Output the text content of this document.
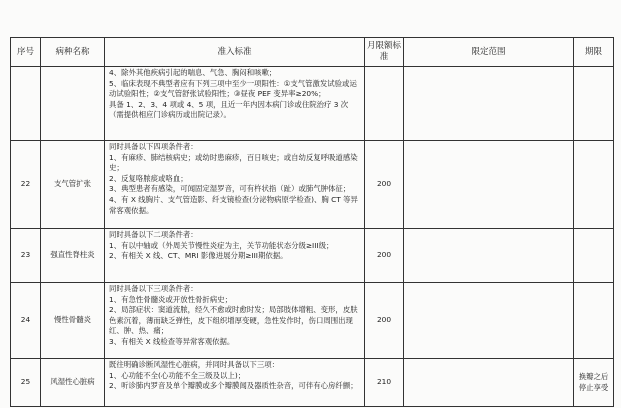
序号	病种名称	准入标准	月限额标准	限定范围	期限

		4、除外其他疾病引起的喘息、气急、胸闷和咳嗽；
5、临床表现不典型者应有下列三项中至少一项阳性：①支气管激发试验或运动试验阳性；②支气管舒张试验阳性；③昼夜 PEF 变异率≥20%；
具备 1、2、3、4 项或 4、5 项，且近一年内因本病门诊或住院治疗 3 次（需提供相应门诊病历或出院记录）。			

22	支气管扩张	同时具备以下四项条件者：
1、有麻疹、肺结核病史；或幼时患麻疹，百日咳史；或自幼反复呼吸道感染史；
2、反复咯脓痰或咯血；
3、典型患者有感染，可闻固定湿罗音，可有杵状指（趾）或肺气肿体征；
4、有 X 线胸片、支气管造影、纤支镜检查(分泌物病原学检查)、胸 CT 等异常客观依据。	200		
23	强直性脊柱炎	同时具备以下二项条件者：
1、有以中轴或（外周关节慢性炎症为主，关节功能状态分级≥III级；
2、有相关 X 线、CT、MRI 影像进展分期≥III期依据。	200		
24	慢性骨髓炎	同时具备以下三项条件者：
1、有急性骨髓炎或开放性骨折病史；
2、局部症状：窦道流脓，经久不愈或时愈时发；局部肢体增粗、变形，皮肤色素沉着，薄而缺乏弹性，皮下组织增厚变硬，急性发作时，伤口周围出现红、肿、热、痛；
3、有相关 X 线检查等异常客观依据。	200		
25	风湿性心脏病	既往明确诊断风湿性心脏病，并同时具备以下三项：
1、心功能不全(心功能不全三级及以上)；
2、听诊肺内罗音及单个瓣膜或多个瓣膜闻及器质性杂音，可伴有心房纤颤；	210		换瓣之后停止享受
